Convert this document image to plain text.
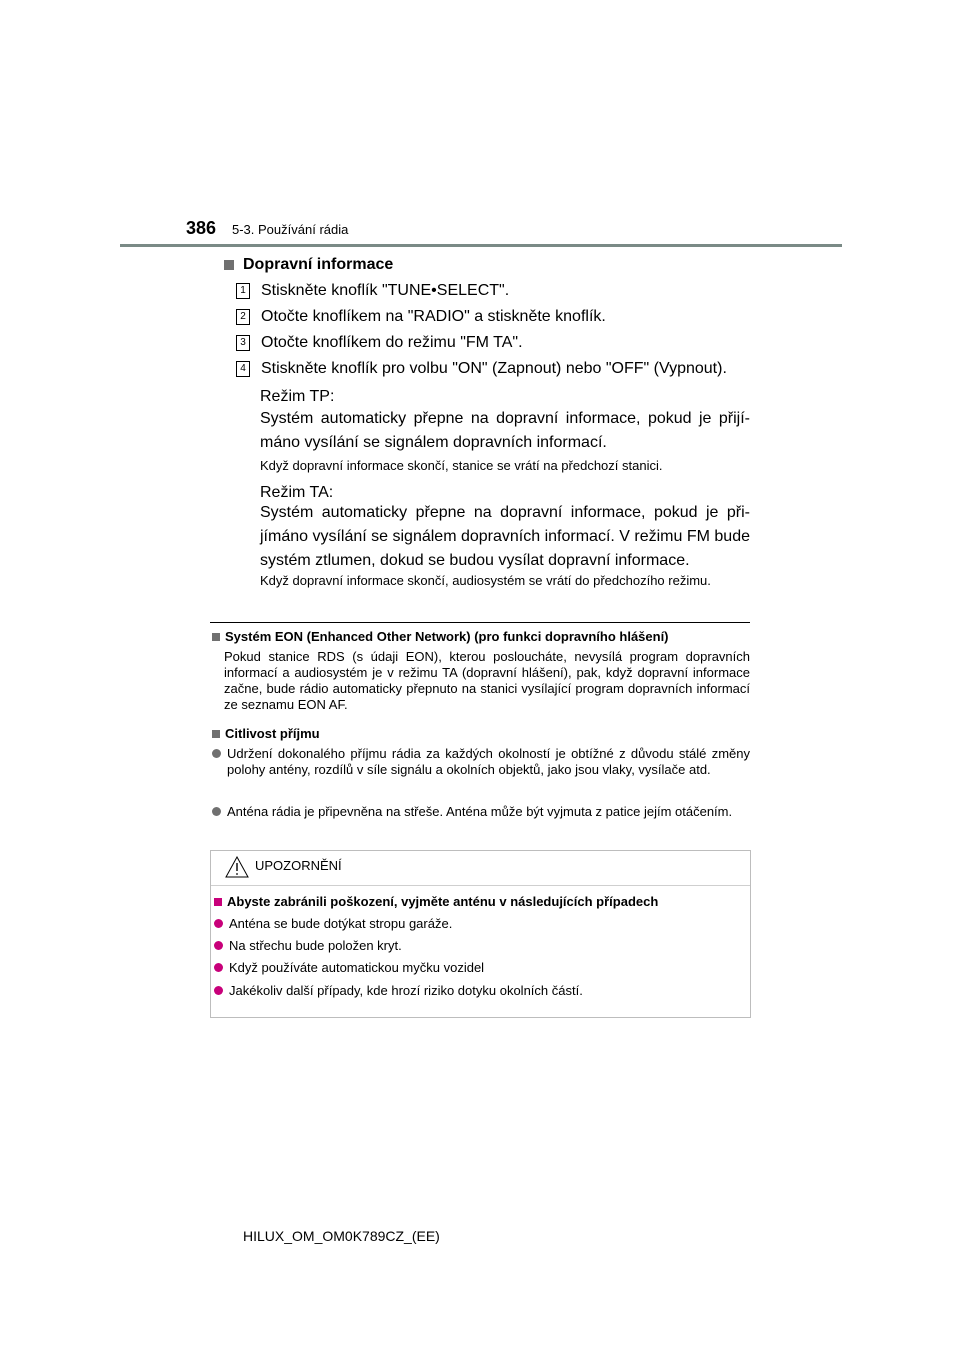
386 5-3. Používání rádia
Dopravní informace
1 Stiskněte knoflík "TUNE•SELECT".
2 Otočte knoflíkem na "RADIO" a stiskněte knoflík.
3 Otočte knoflíkem do režimu "FM TA".
4 Stiskněte knoflík pro volbu "ON" (Zapnout) nebo "OFF" (Vypnout).
Režim TP:
Systém automaticky přepne na dopravní informace, pokud je přijímáno vysílání se signálem dopravních informací.
Když dopravní informace skončí, stanice se vrátí na předchozí stanici.
Režim TA:
Systém automaticky přepne na dopravní informace, pokud je přijímáno vysílání se signálem dopravních informací. V režimu FM bude systém ztlumen, dokud se budou vysílat dopravní informace.
Když dopravní informace skončí, audiosystém se vrátí do předchozího režimu.
Systém EON (Enhanced Other Network) (pro funkci dopravního hlášení)
Pokud stanice RDS (s údaji EON), kterou posloucháte, nevysílá program dopravních informací a audiosystém je v režimu TA (dopravní hlášení), pak, když dopravní informace začne, bude rádio automaticky přepnuto na stanici vysílající program dopravních informací ze seznamu EON AF.
Citlivost příjmu
Udržení dokonalého příjmu rádia za každých okolností je obtížné z důvodu stálé změny polohy antény, rozdílů v síle signálu a okolních objektů, jako jsou vlaky, vysílače atd.
Anténa rádia je připevněna na střeše. Anténa může být vyjmuta z patice jejím otáčením.
UPOZORNĚNÍ
Abyste zabránili poškození, vyjměte anténu v následujících případech
Anténa se bude dotýkat stropu garáže.
Na střechu bude položen kryt.
Když používáte automatickou myčku vozidel
Jakékoliv další případy, kde hrozí riziko dotyku okolních částí.
HILUX_OM_OM0K789CZ_(EE)
